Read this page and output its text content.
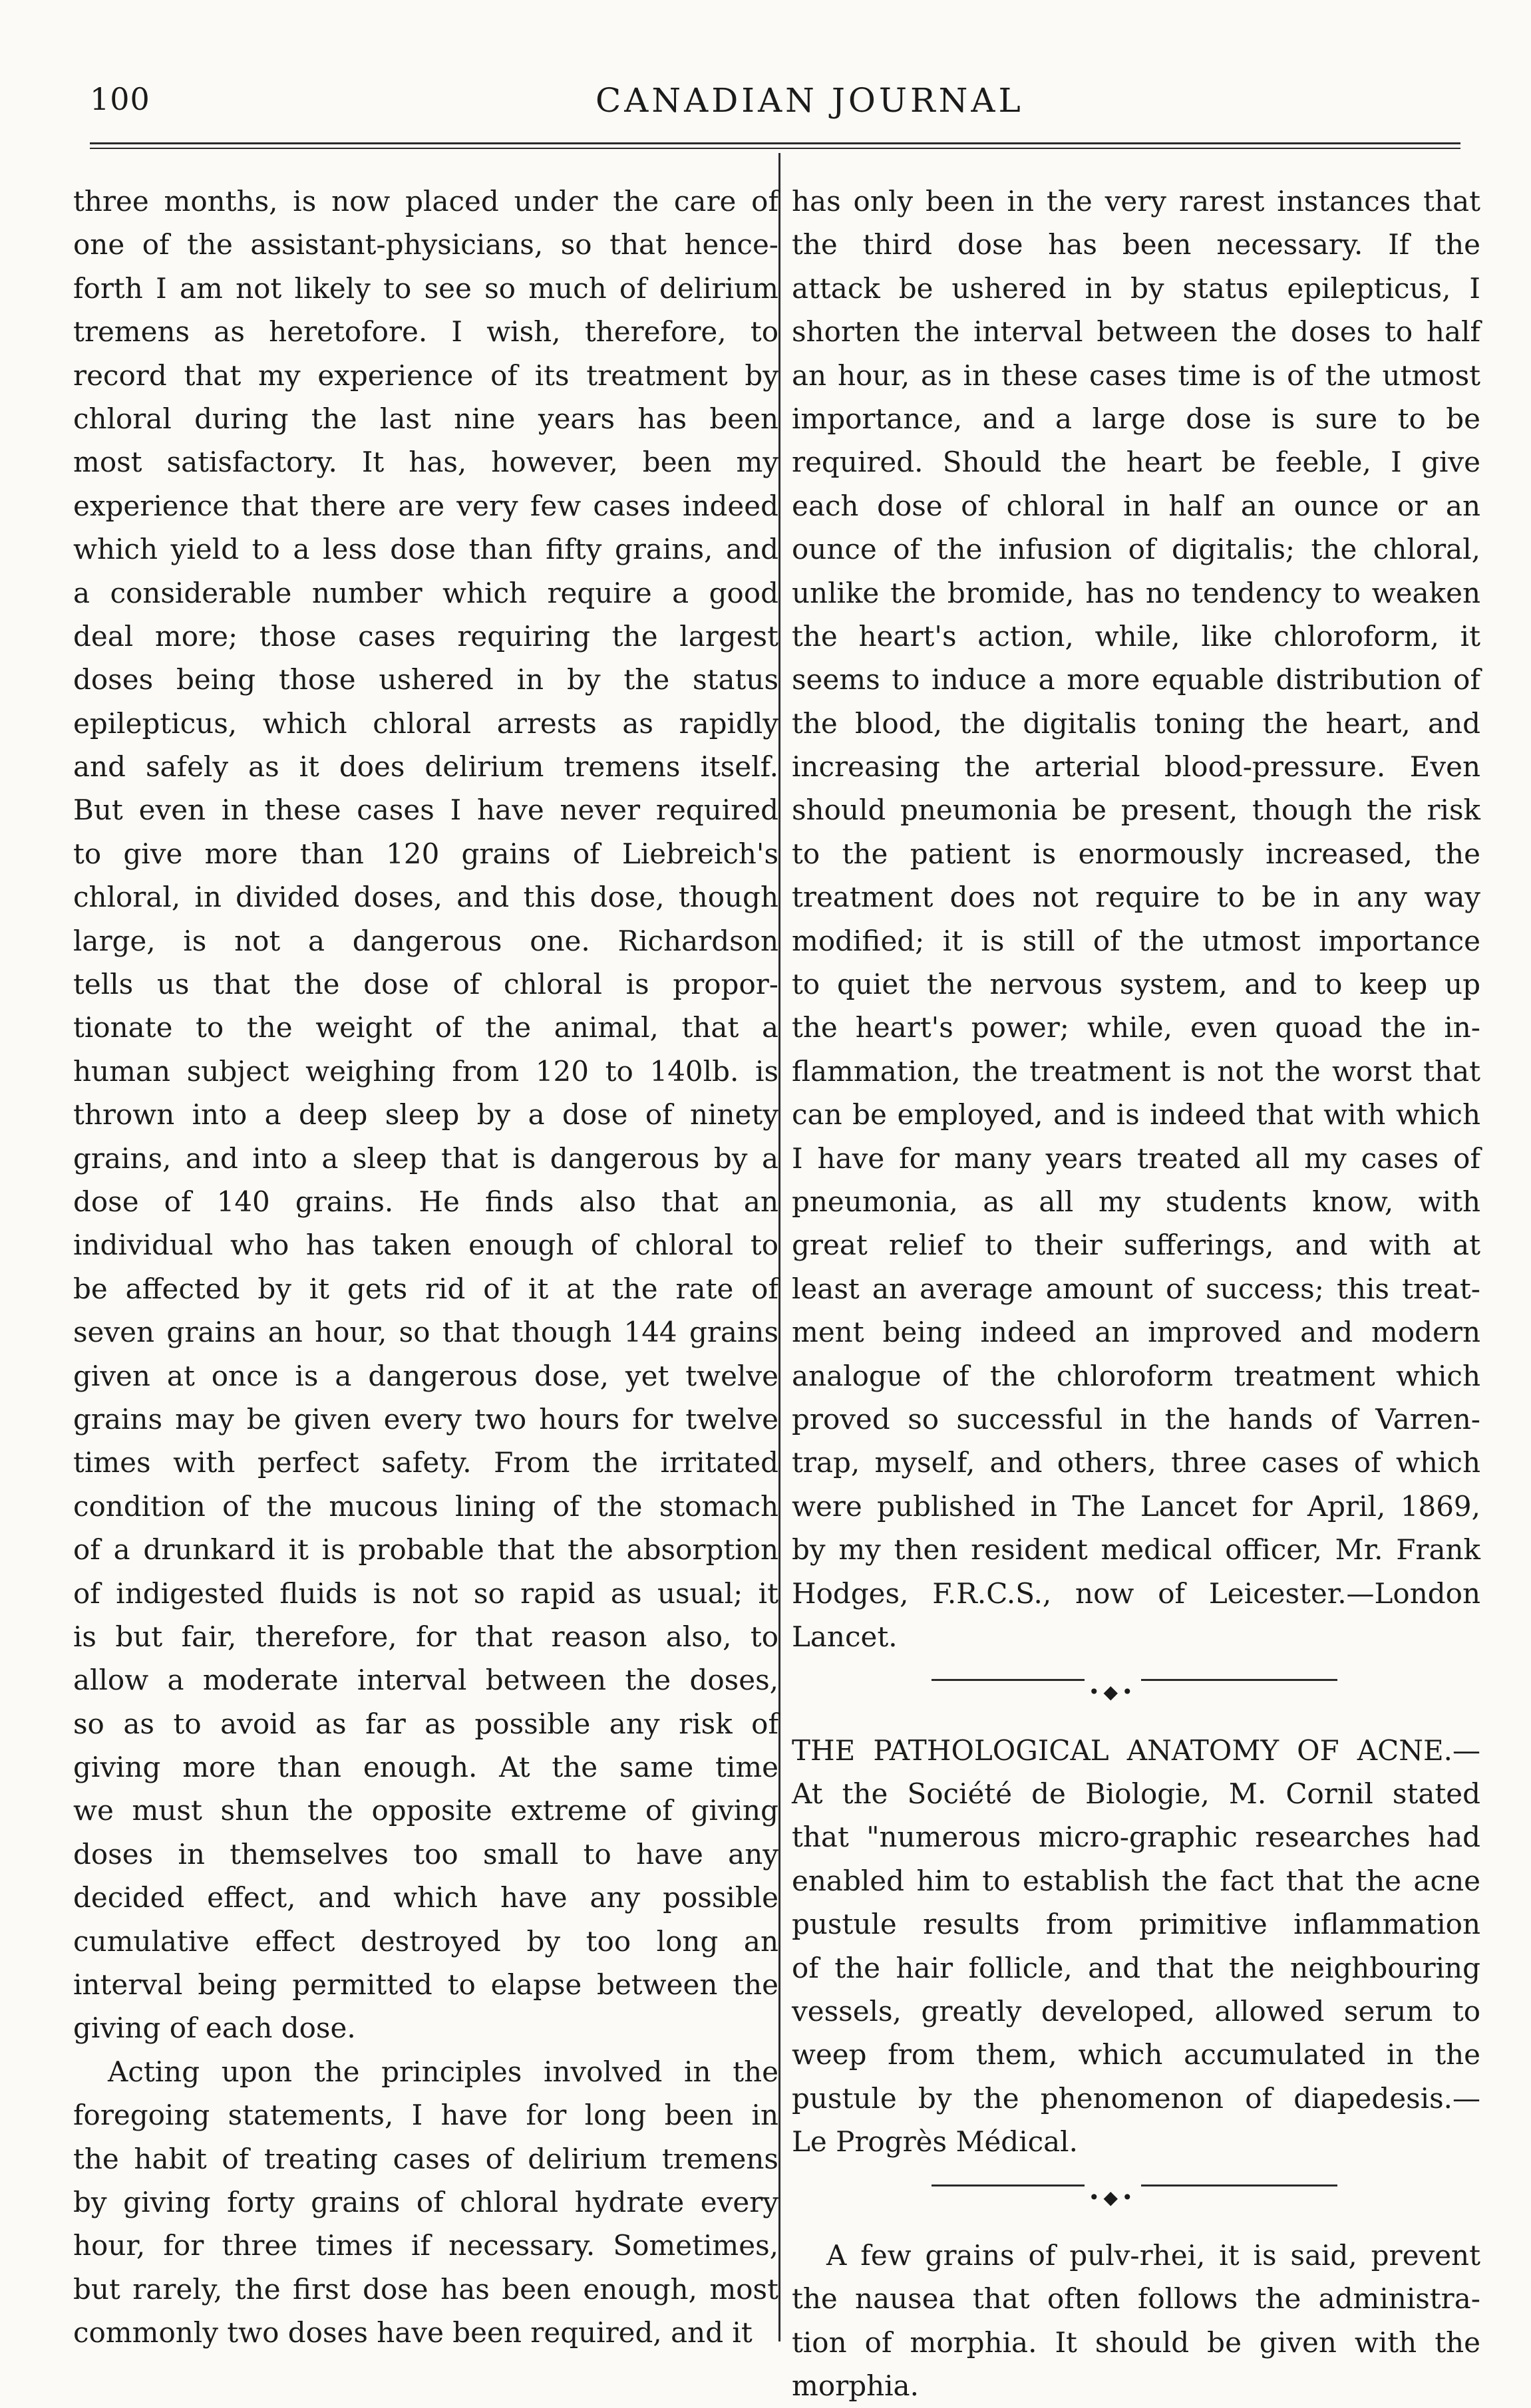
100	CANADIAN JOURNAL
three months, is now placed under the care of
one of the assistant-physicians, so that hence-
forth I am not likely to see so much of delirium
tremens as heretofore. I wish, therefore, to
record that my experience of its treatment by
chloral during the last nine years has been
most satisfactory. It has, however, been my
experience that there are very few cases indeed
which yield to a less dose than fifty grains, and
a considerable number which require a good
deal more; those cases requiring the largest
doses being those ushered in by the status
epilepticus, which chloral arrests as rapidly
and safely as it does delirium tremens itself.
But even in these cases I have never required
to give more than 120 grains of Liebreich's
chloral, in divided doses, and this dose, though
large, is not a dangerous one. Richardson
tells us that the dose of chloral is propor-
tionate to the weight of the animal, that a
human subject weighing from 120 to 140lb. is
thrown into a deep sleep by a dose of ninety
grains, and into a sleep that is dangerous by a
dose of 140 grains. He finds also that an
individual who has taken enough of chloral to
be affected by it gets rid of it at the rate of
seven grains an hour, so that though 144 grains
given at once is a dangerous dose, yet twelve
grains may be given every two hours for twelve
times with perfect safety. From the irritated
condition of the mucous lining of the stomach
of a drunkard it is probable that the absorption
of indigested fluids is not so rapid as usual; it
is but fair, therefore, for that reason also, to
allow a moderate interval between the doses,
so as to avoid as far as possible any risk of
giving more than enough. At the same time
we must shun the opposite extreme of giving
doses in themselves too small to have any
decided effect, and which have any possible
cumulative effect destroyed by too long an
interval being permitted to elapse between the
giving of each dose.
Acting upon the principles involved in the
foregoing statements, I have for long been in
the habit of treating cases of delirium tremens
by giving forty grains of chloral hydrate every
hour, for three times if necessary. Sometimes,
but rarely, the first dose has been enough, most
commonly two doses have been required, and it
has only been in the very rarest instances that
the third dose has been necessary. If the
attack be ushered in by status epilepticus, I
shorten the interval between the doses to half
an hour, as in these cases time is of the utmost
importance, and a large dose is sure to be
required. Should the heart be feeble, I give
each dose of chloral in half an ounce or an
ounce of the infusion of digitalis; the chloral,
unlike the bromide, has no tendency to weaken
the heart's action, while, like chloroform, it
seems to induce a more equable distribution of
the blood, the digitalis toning the heart, and
increasing the arterial blood-pressure. Even
should pneumonia be present, though the risk
to the patient is enormously increased, the
treatment does not require to be in any way
modified; it is still of the utmost importance
to quiet the nervous system, and to keep up
the heart's power; while, even quoad the in-
flammation, the treatment is not the worst that
can be employed, and is indeed that with which
I have for many years treated all my cases of
pneumonia, as all my students know, with
great relief to their sufferings, and with at
least an average amount of success; this treat-
ment being indeed an improved and modern
analogue of the chloroform treatment which
proved so successful in the hands of Varren-
trap, myself, and others, three cases of which
were published in The Lancet for April, 1869,
by my then resident medical officer, Mr. Frank
Hodges, F.R.C.S., now of Leicester.—London
Lancet.
•◆•
THE PATHOLOGICAL ANATOMY OF ACNE.—
At the Société de Biologie, M. Cornil stated
that "numerous micro-graphic researches had
enabled him to establish the fact that the acne
pustule results from primitive inflammation
of the hair follicle, and that the neighbouring
vessels, greatly developed, allowed serum to
weep from them, which accumulated in the
pustule by the phenomenon of diapedesis.—
Le Progrès Médical.
•◆•
A few grains of pulv-rhei, it is said, prevent
the nausea that often follows the administra-
tion of morphia. It should be given with the
morphia.
